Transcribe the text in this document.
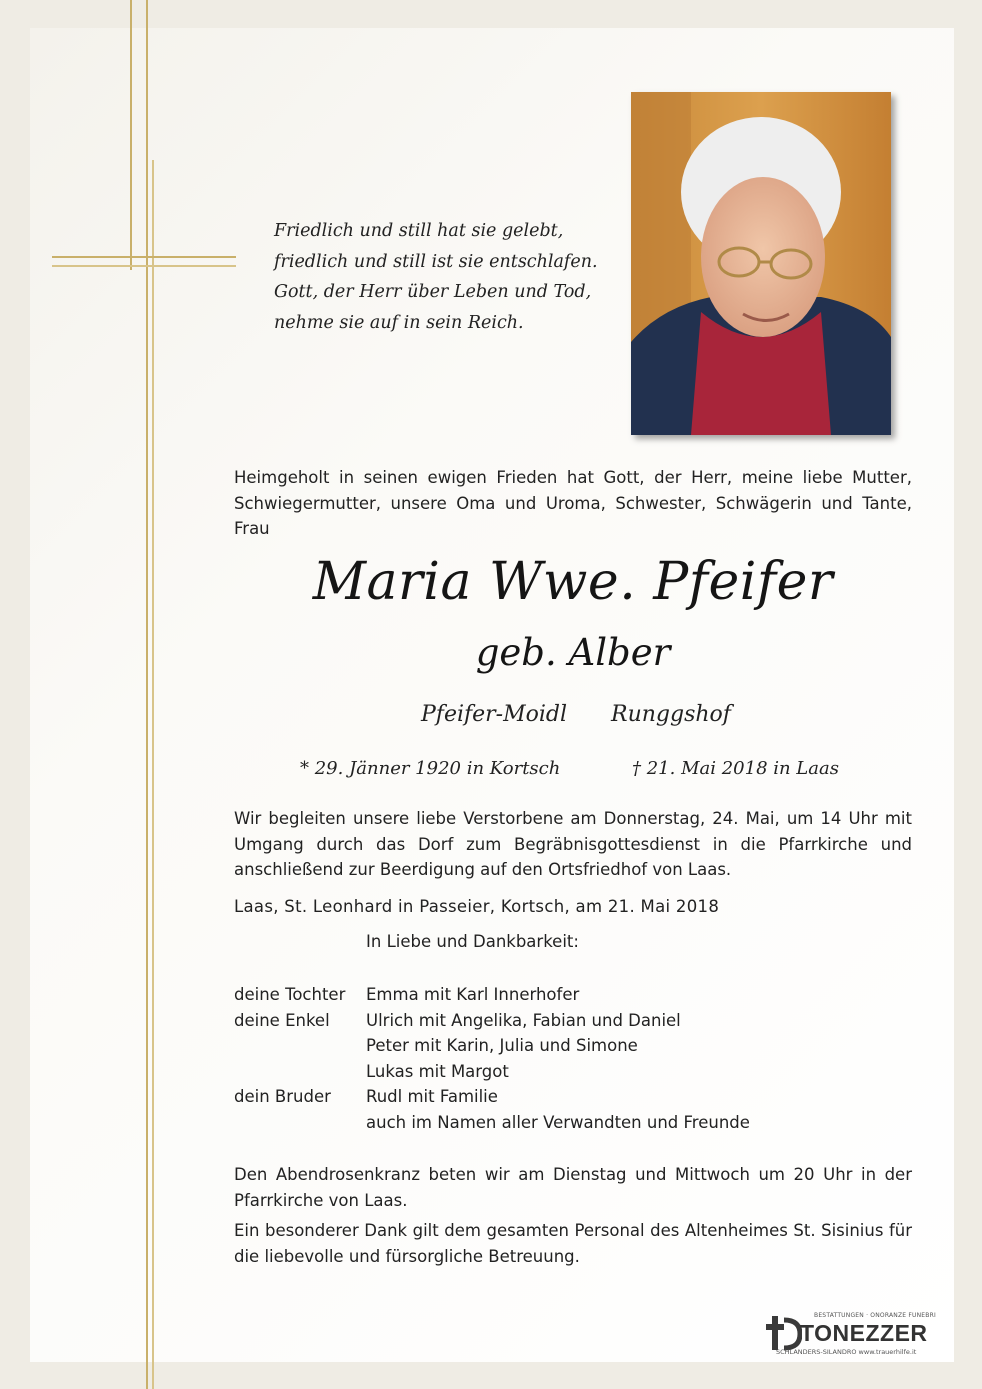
Friedlich und still hat sie gelebt,
friedlich und still ist sie entschlafen.
Gott, der Herr über Leben und Tod,
nehme sie auf in sein Reich.
Heimgeholt in seinen ewigen Frieden hat Gott, der Herr, meine liebe Mutter, Schwiegermutter, unsere Oma und Uroma, Schwester, Schwägerin und Tante, Frau
Maria Wwe. Pfeifer
geb. Alber
Pfeifer-Moidl Runggshof
* 29. Jänner 1920 in Kortsch	† 21. Mai 2018 in Laas
Wir begleiten unsere liebe Verstorbene am Donnerstag, 24. Mai, um 14 Uhr mit Umgang durch das Dorf zum Begräbnisgottesdienst in die Pfarrkirche und anschließend zur Beerdigung auf den Ortsfriedhof von Laas.
Laas, St. Leonhard in Passeier, Kortsch, am 21. Mai 2018
In Liebe und Dankbarkeit:
deine Tochter	Emma mit Karl Innerhofer
deine Enkel	Ulrich mit Angelika, Fabian und Daniel
Peter mit Karin, Julia und Simone
Lukas mit Margot
dein Bruder	Rudl mit Familie
auch im Namen aller Verwandten und Freunde
Den Abendrosenkranz beten wir am Dienstag und Mittwoch um 20 Uhr in der Pfarrkirche von Laas.
Ein besonderer Dank gilt dem gesamten Personal des Altenheimes St. Sisinius für die liebevolle und fürsorgliche Betreuung.
BESTATTUNGEN · ONORANZE FUNEBRI
TONEZZER
SCHLANDERS-SILANDRO www.trauerhilfe.it
